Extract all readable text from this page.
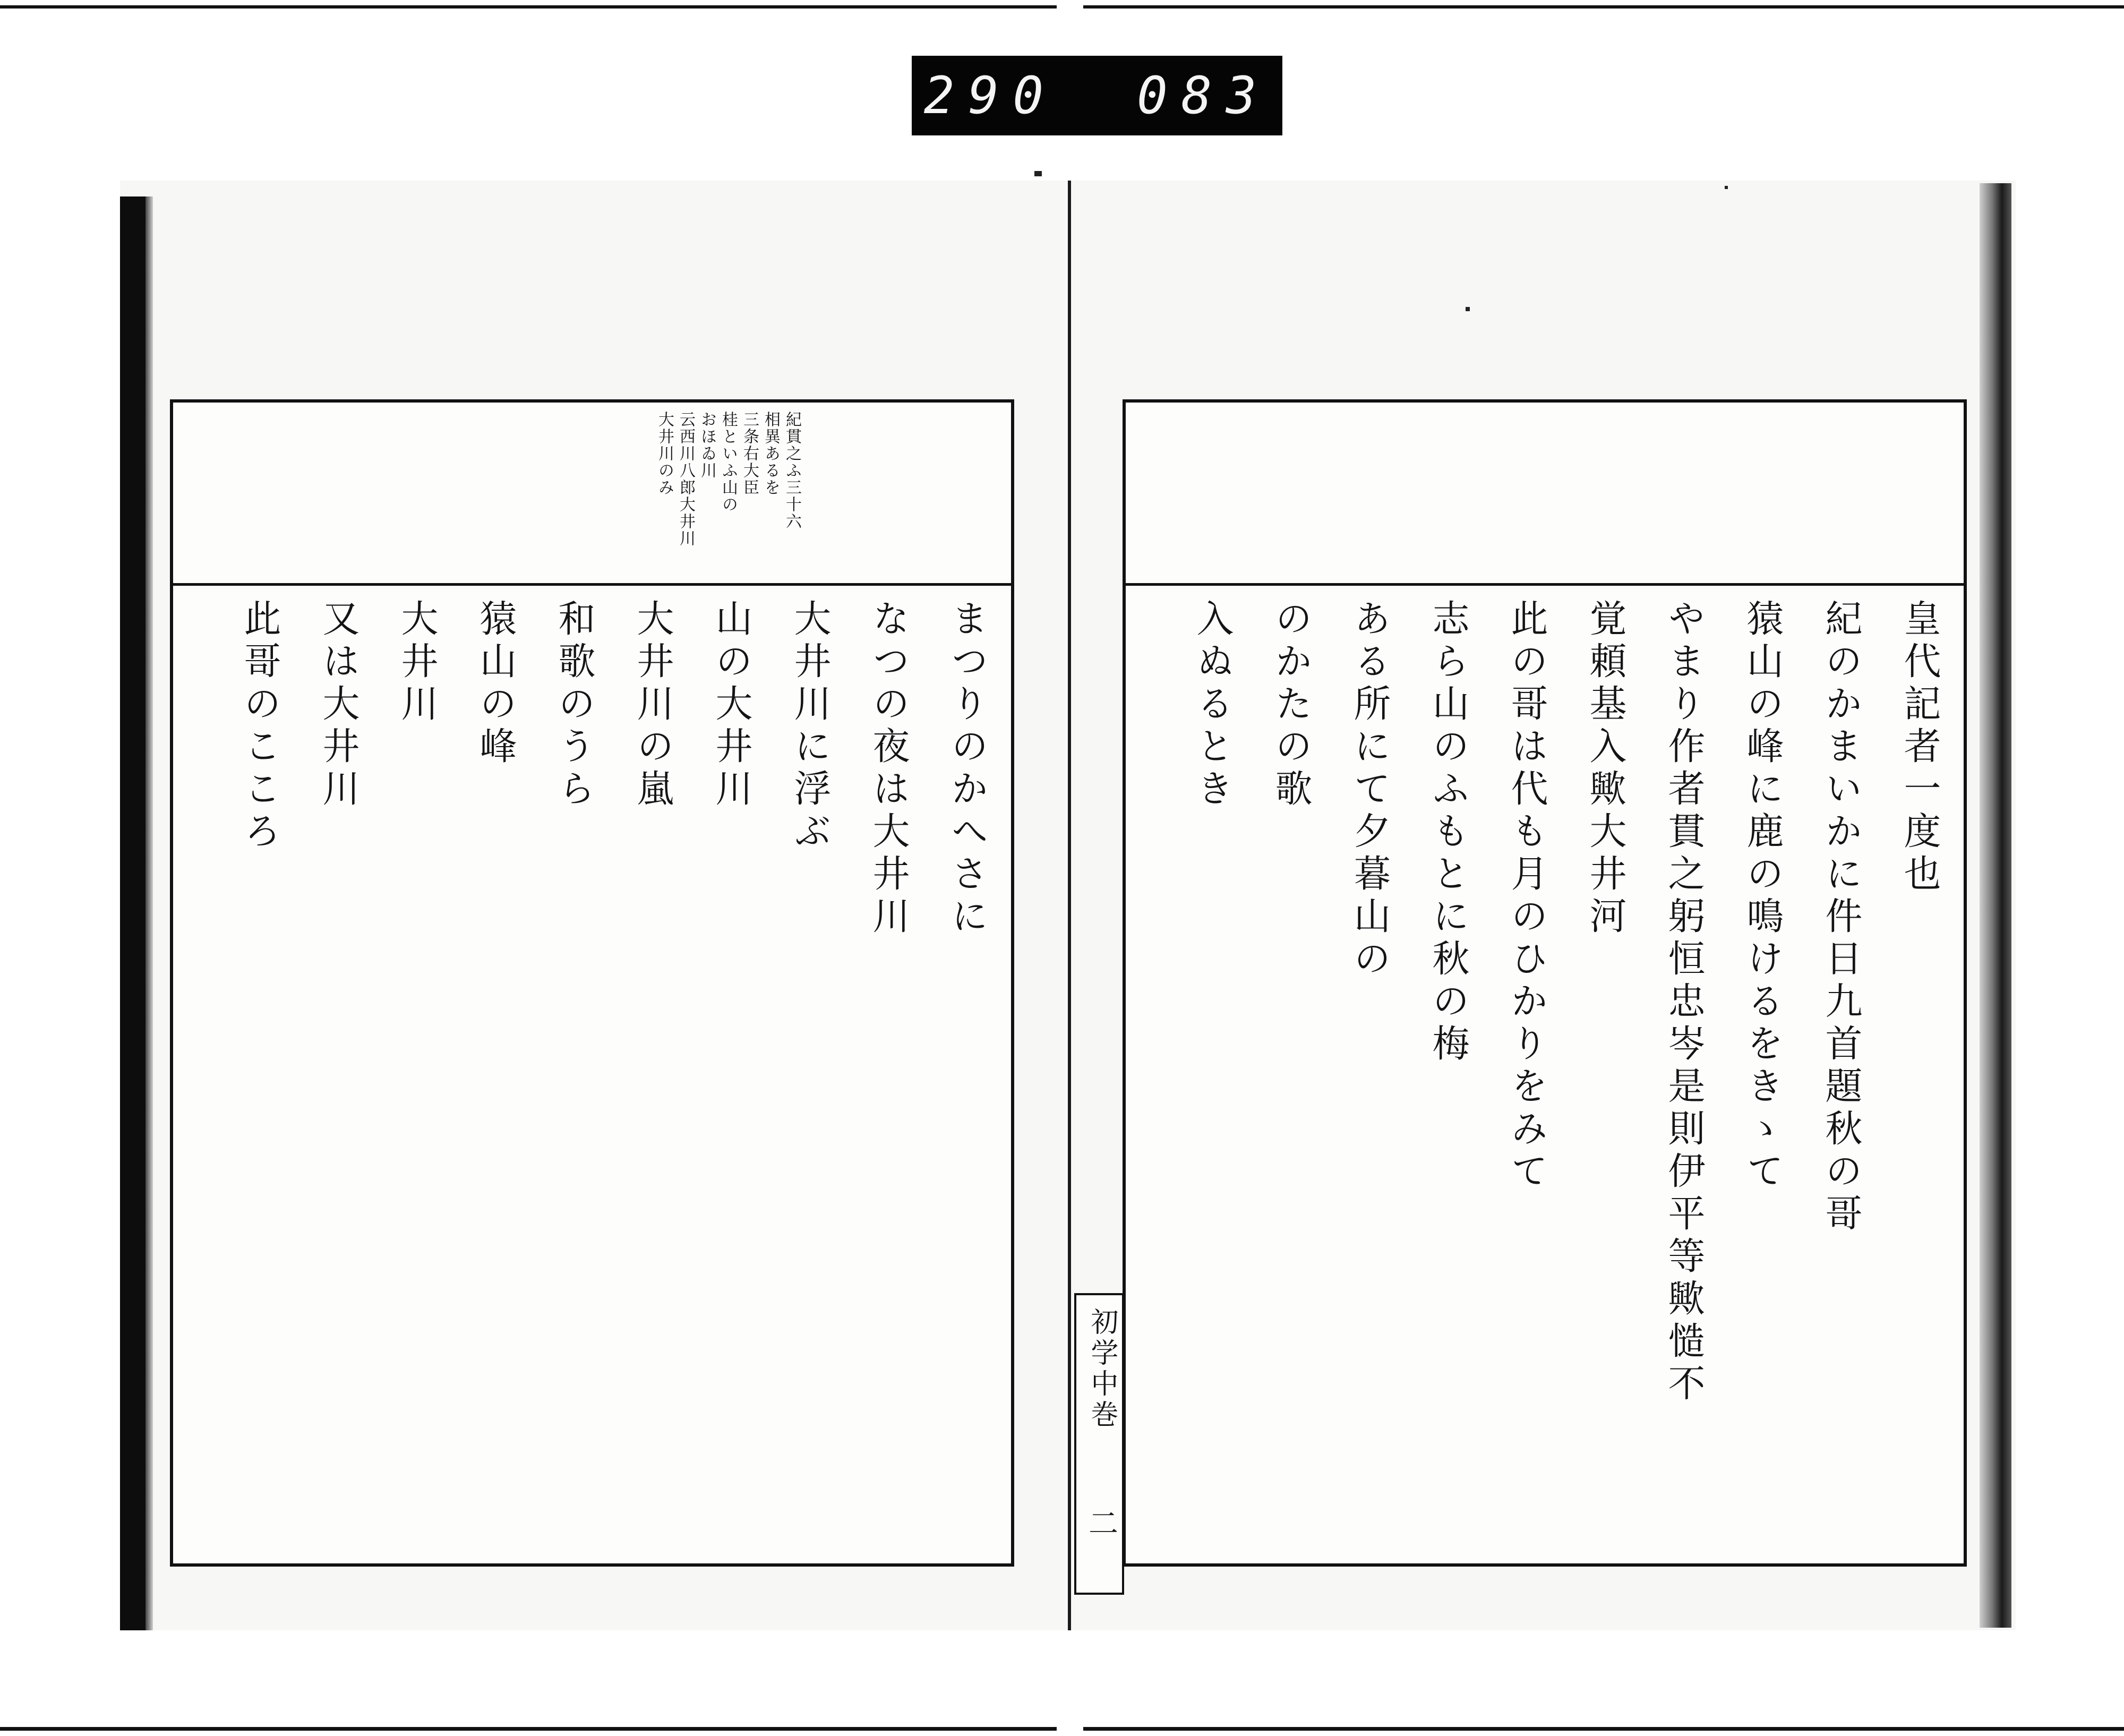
290 083
紀貫之ふ三十六
相異あるを
三条右大臣
桂といふ山の
おほゐ川
云西川八郎大井川
大井川のみ
まつりのかへさに
なつの夜は大井川
大井川に浮ぶ
山の大井川
大井川の嵐
和歌のうら
猿山の峰
大井川
又は大井川
此哥のこころ	皇代記者一度也
紀のかまいかに件日九首題秋の哥
猿山の峰に鹿の鳴けるをきゝて
やまり作者貫之躬恒忠岑是則伊平等歟慥不
覚頼基入歟大井河
此の哥は代も月のひかりをみて
志ら山のふもとに秋の梅
ある所にて夕暮山の
のかたの歌
入ぬるとき
初学中巻
二
